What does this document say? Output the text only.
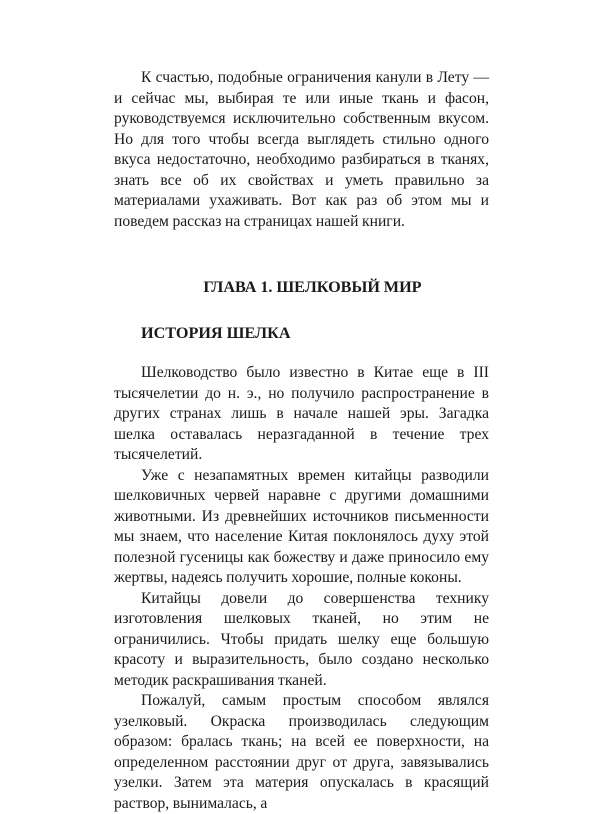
К счастью, подобные ограничения канули в Лету — и сейчас мы, выбирая те или иные ткань и фасон, руководствуемся исключительно собственным вкусом. Но для того чтобы всегда выглядеть стильно одного вкуса недостаточно, необходимо разбираться в тканях, знать все об их свойствах и уметь правильно за материалами ухаживать. Вот как раз об этом мы и поведем рассказ на страницах нашей книги.

ГЛАВА 1. ШЕЛКОВЫЙ МИР
ИСТОРИЯ ШЕЛКА

Шелководство было известно в Китае еще в III тысячелетии до н. э., но получило распространение в других странах лишь в начале нашей эры. Загадка шелка оставалась неразгаданной в течение трех тысячелетий.

Уже с незапамятных времен китайцы разводили шелковичных червей наравне с другими домашними животными. Из древнейших источников письменности мы знаем, что население Китая поклонялось духу этой полезной гусеницы как божеству и даже приносило ему жертвы, надеясь получить хорошие, полные коконы.

Китайцы довели до совершенства технику изготовления шелковых тканей, но этим не ограничились. Чтобы придать шелку еще большую красоту и выразительность, было создано несколько методик раскрашивания тканей.

Пожалуй, самым простым способом являлся узелковый. Окраска производилась следующим образом: бралась ткань; на всей ее поверхности, на определенном расстоянии друг от друга, завязывались узелки. Затем эта материя опускалась в красящий раствор, вынималась, а
